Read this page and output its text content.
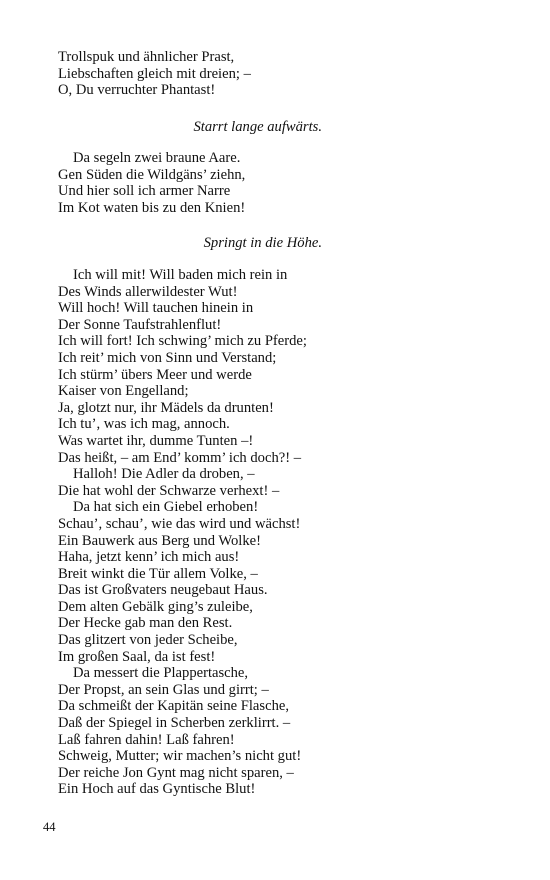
Trollspuk und ähnlicher Prast,
Liebschaften gleich mit dreien; –
O, Du verruchter Phantast!
Starrt lange aufwärts.
Da segeln zwei braune Aare.
Gen Süden die Wildgäns’ ziehn,
Und hier soll ich armer Narre
Im Kot waten bis zu den Knien!
Springt in die Höhe.
Ich will mit! Will baden mich rein in
Des Winds allerwildester Wut!
Will hoch! Will tauchen hinein in
Der Sonne Taufstrahlenflut!
Ich will fort! Ich schwing’ mich zu Pferde;
Ich reit’ mich von Sinn und Verstand;
Ich stürm’ übers Meer und werde
Kaiser von Engelland;
Ja, glotzt nur, ihr Mädels da drunten!
Ich tu’, was ich mag, annoch.
Was wartet ihr, dumme Tunten –!
Das heißt, – am End’ komm’ ich doch?! –
Halloh! Die Adler da droben, –
Die hat wohl der Schwarze verhext! –
Da hat sich ein Giebel erhoben!
Schau’, schau’, wie das wird und wächst!
Ein Bauwerk aus Berg und Wolke!
Haha, jetzt kenn’ ich mich aus!
Breit winkt die Tür allem Volke, –
Das ist Großvaters neugebaut Haus.
Dem alten Gebälk ging’s zuleibe,
Der Hecke gab man den Rest.
Das glitzert von jeder Scheibe,
Im großen Saal, da ist fest!
Da messert die Plappertasche,
Der Propst, an sein Glas und girrt; –
Da schmeißt der Kapitän seine Flasche,
Daß der Spiegel in Scherben zerklirrt. –
Laß fahren dahin! Laß fahren!
Schweig, Mutter; wir machen’s nicht gut!
Der reiche Jon Gynt mag nicht sparen, –
Ein Hoch auf das Gyntische Blut!
44
